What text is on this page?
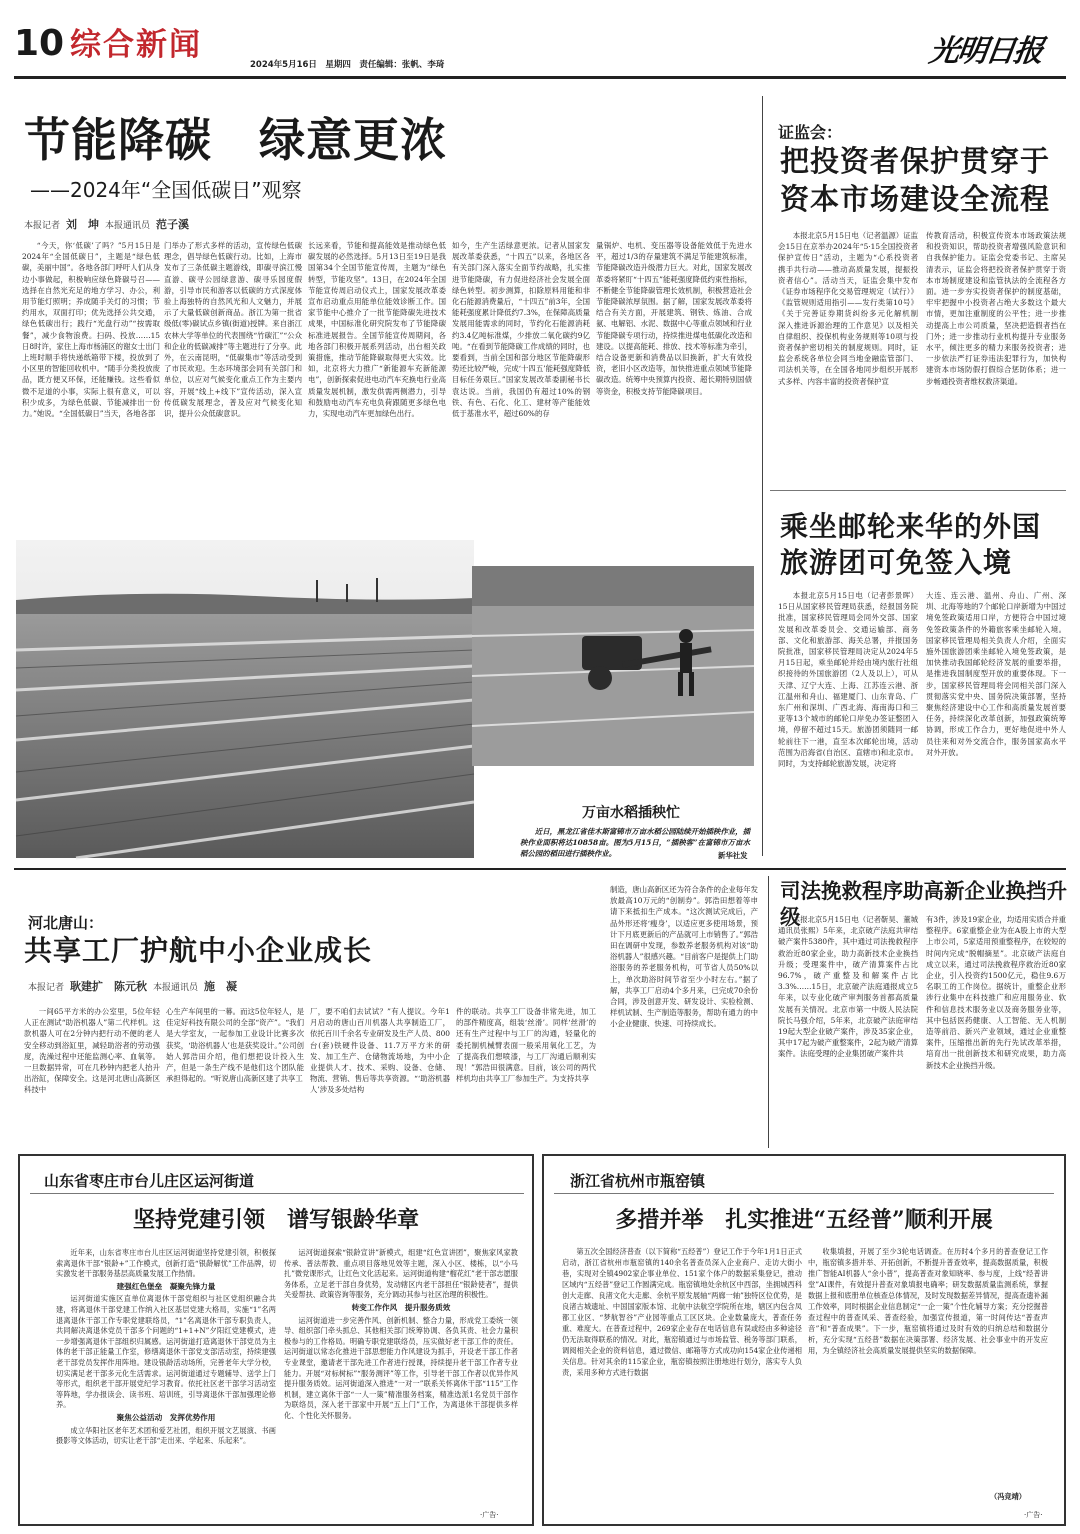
10 综合新闻
2024年5月16日　星期四　责任编辑：张帆、李琦	光明日报
节能降碳　绿意更浓
——2024年“全国低碳日”观察
本报记者 刘　坤 本报通讯员 范子溪
“今天，你‘低碳’了吗？”5月15日是2024年“全国低碳日”，主题是“绿色低碳，美丽中国”。各地各部门呼吁人们从身边小事做起，积极响应绿色降碳号召——选择在自然光充足的地方学习、办公，利用节能灯照明；养成随手关灯的习惯；节约用水，双面打印；优先选择公共交通，绿色低碳出行；践行“光盘行动”“按需取餐”，减少食物浪费。扫码、投放……15日8时许，家住上海市杨浦区的谢女士出门上班时顺手将快递纸箱带下楼，投放到了小区里的智能回收机中。“随手分类投放废品，既方便又环保，还能赚钱。这些看似微不足道的小事，实际上很有意义，可以积少成多，为绿色低碳、节能减排出一份力。”她说。“全国低碳日”当天，各地各部
门举办了形式多样的活动，宣传绿色低碳理念，倡导绿色低碳行动。比如，上海市发布了三条低碳主题游线，即碳寻滨江慢直游、碳寻公园绿意游、碳寻乐园度假游，引导市民和游客以低碳的方式深度体验上海独特的自然风光和人文魅力，并展示了大量低碳创新商品。浙江为第一批省级低(零)碳试点乡镇(街道)授牌。来自浙江农林大学等单位的代表围绕“竹碳汇”“公众和企业的低碳减排”等主题进行了分享。此外，在云南昆明，“低碳集市”等活动受到了市民欢迎。生态环境部会同有关部门和单位，以应对气候变化重点工作为主要内容，开展“线上+线下”宣传活动，深入宣传低碳发展理念，普及应对气候变化知识，提升公众低碳意识。
长远来看，节能和提高能效是推动绿色低碳发展的必然选择。5月13日至19日是我国第34个全国节能宣传周，主题为“绿色转型，节能攻坚”。13日，在2024年全国节能宣传周启动仪式上，国家发展改革委宣布启动重点用能单位能效诊断工作。国家节能中心推介了一批节能降碳先进技术成果，中国标准化研究院发布了节能降碳标准进展报告。全国节能宣传周期间，各地各部门积极开展系列活动，出台相关政策措施，推动节能降碳取得更大实效。比如，北京将大力推广“新能源车充新能源电”，创新探索促进电动汽车充换电行业高质量发展机制，激发供需两侧潜力，引导和鼓励电动汽车充电负荷跟随更多绿色电力，实现电动汽车更加绿色出行。
如今，生产生活绿意更浓。记者从国家发展改革委获悉，“十四五”以来，各地区各有关部门深入落实全面节约战略，扎实推进节能降碳，有力促进经济社会发展全面绿色转型。初步测算，扣除原料用能和非化石能源消费量后，“十四五”前3年，全国能耗强度累计降低约7.3%，在保障高质量发展用能需求的同时，节约化石能源消耗约3.4亿吨标准煤，少排放二氧化碳约9亿吨。“在看到节能降碳工作成绩的同时，也要看到，当前全国和部分地区节能降碳形势还比较严峻，完成‘十四五’能耗强度降低目标任务艰巨。”国家发展改革委副秘书长袁达说。当前，我国仍有超过10%的钢铁、有色、石化、化工、建材等产能能效低于基准水平，超过60%的存
量锅炉、电机、变压器等设备能效低于先进水平，超过1/3的存量建筑不满足节能建筑标准，节能降碳改造升级潜力巨大。对此，国家发展改革委将紧盯“十四五”能耗强度降低约束性指标，不断健全节能降碳管理长效机制，积极营造社会节能降碳浓厚氛围。据了解，国家发展改革委将结合有关方面，开展建筑、钢铁、炼油、合成氨、电解铝、水泥、数据中心等重点领域和行业节能降碳专项行动，持续推进煤电低碳化改造和建设。以提高能耗、排放、技术等标准为牵引，结合设备更新和消费品以旧换新，扩大有效投资，老旧小区改造等，加快推进重点领域节能降碳改造。统筹中央预算内投资、超长期特别国债等资金，积极支持节能降碳项目。
证监会：
把投资者保护贯穿于
资本市场建设全流程
本报北京5月15日电（记者温源）证监会15日在京举办2024年“5·15全国投资者保护宣传日”活动，主题为“心系投资者　携手共行动——推动高质量发展，提振投资者信心”。活动当天，证监会集中发布《证券市场程序化交易管理规定（试行）》《监管规则适用指引——发行类第10号》《关于完善证券期货纠纷多元化解机制　深入推进诉源治理的工作意见》以及相关自律组织、投保机构业务规则等10项与投资者保护密切相关的制度规则。同时，证监会系统各单位会同当地金融监管部门、司法机关等，在全国各地同步组织开展形式多样、内容丰富的投资者保护宣
传教育活动，积极宣传资本市场政策法规和投资知识，帮助投资者增强风险意识和自我保护能力。证监会党委书记、主席吴清表示，证监会将把投资者保护贯穿于资本市场制度建设和监管执法的全流程各方面。进一步夯实投资者保护的制度基础，牢牢把握中小投资者占绝大多数这个最大市情，更加注重制度的公平性；进一步推动提高上市公司质量，坚决把造假者挡在门外；进一步推动行业机构提升专业服务水平，倾注更多的精力来服务投资者；进一步依法严打证券违法犯罪行为，加快构建资本市场防假打假综合惩防体系；进一步畅通投资者维权救济渠道。
乘坐邮轮来华的外国
旅游团可免签入境
本报北京5月15日电（记者彭景晖）15日从国家移民管理局获悉，经报国务院批准，国家移民管理局会同外交部、国家发展和改革委员会、交通运输部、商务部、文化和旅游部、海关总署，并报国务院批准，国家移民管理局决定从2024年5月15日起，乘坐邮轮并经由境内旅行社组织接待的外国旅游团（2人及以上），可从天津、辽宁大连、上海、江苏连云港、浙江温州和舟山、福建厦门、山东青岛、广东广州和深圳、广西北海、海南海口和三亚等13个城市的邮轮口岸免办签证整团入境，停留不超过15天。旅游团须随同一邮轮前往下一港，直至本次邮轮出境，活动范围为沿海省(自治区、直辖市)和北京市。同时，为支持邮轮旅游发展，决定将
大连、连云港、温州、舟山、广州、深圳、北海等地的7个邮轮口岸新增为中国过境免签政策适用口岸，方便符合中国过境免签政策条件的外籍旅客乘坐邮轮入境。国家移民管理局相关负责人介绍，全面实施外国旅游团乘坐邮轮入境免签政策，是加快推动我国邮轮经济发展的重要举措，是推进我国制度型开放的重要体现。下一步，国家移民管理局将会同相关部门深入贯彻落实党中央、国务院决策部署，坚持聚焦经济建设中心工作和高质量发展首要任务，持续深化改革创新，加强政策统筹协调，形成工作合力，更好地促进中外人员往来和对外交流合作，服务国家高水平对外开放。
万亩水稻插秧忙
近日，黑龙江省佳木斯富锦市万亩水稻公园陆续开始插秧作业，插秧作业面积将达10858亩。图为5月15日，“插秧客”在富锦市万亩水稻公园的稻田进行插秧作业。	新华社发
司法挽救程序助高新企业换挡升级
本报北京5月15日电（记者靳昊、董城　通讯员张熙）5年来，北京破产法庭共审结破产案件5380件，其中通过司法挽救程序救治近80家企业，助力高新技术企业换挡升级；受理案件中，破产清算案件占比96.7%，破产重整及和解案件占比3.3%……15日，北京破产法庭通报成立5年来，以专业化破产审判服务首都高质量发展有关情况。北京市第一中级人民法院院长马强介绍，5年来，北京破产法庭审结19起大型企业破产案件，涉及35家企业，其中17起为破产重整案件，2起为破产清算案件。法庭受理的企业集团破产案件共
有3件，涉及19家企业，均适用实质合并重整程序。6家重整企业为在A股上市的大型上市公司，5家适用预重整程序，在较短的时间内完成“脱帽摘星”。北京破产法庭自成立以来，通过司法挽救程序救治近80家企业，引入投资约1500亿元，稳住9.6万名职工的工作岗位。据统计，重整企业形涉行业集中在科技推广和应用服务业、软件和信息技术服务业以及商务服务业等，其中包括医药健康、人工智能、无人机制造等前沿、新兴产业领域，通过企业重整案件，压缩推出新的先行先试改革举措，培育出一批创新技术和研究成果，助力高新技术企业换挡升级。
河北唐山：
共享工厂护航中小企业成长
本报记者 耿建扩　陈元秋 本报通讯员 施　凝
一间65平方米的办公室里，5位年轻人正在测试“助浴机器人”第二代样机。这款机器人可在2分钟内把行动不便的老人安全移动到浴缸里，减轻助浴者的劳动强度，洗澡过程中还能监测心率、血氧等。一旦数据异常，可在几秒钟内把老人抬升出浴缸，保障安全。这是河北唐山高新区科技中
心生产车间里的一幕。而这5位年轻人，是佳定好科技有限公司的全部“资产”。“我们是大学室友，一起参加工业设计比赛多次获奖，‘助浴机器人’也是获奖设计。”公司创始人郭浩田介绍，他们想把设计投入生产，但是一条生产线不是他们这个团队能承担得起的。“听说唐山高新区建了共享工
厂，要不咱们去试试？”有人提议。今年1月启动的唐山百川机器人共享制造工厂，依托百川千余名专业研发及生产人员、800台(套)铁硬件设备、11.7万平方米的研发、加工生产、仓储物流场地，为中小企业提供人才、技术、采购、设备、仓储、物流、营销、售后等共享资源。“‘助浴机器人’涉及多处结构
件的联动。共享工厂设备非常先进，加工的部件精度高，组装‘丝滑’。同样‘丝滑’的还有生产过程中与工厂的沟通，轻量化的委托制机械臂表面一般采用氧化工艺，为了提高我们想喷漆，与工厂沟通后顺利实现！”郭浩田很满意。目前，该公司的两代样机均由共享工厂参加生产。为支持共享
制造，唐山高新区还为符合条件的企业每年发放最高10万元的“创制券”。郭浩田想着等申请下来抵扣生产成本。“这次测试完成后，产品外形还将‘瘦身’，以适应更多使用场景，预计下月底更新后的产品就可上市销售了。”郭浩田在调研中发现，参数养老服务机构对该“助浴机器人”很感兴趣。“目前客户是提供上门助浴服务的养老服务机构，可节省人员50%以上，单次助浴时间节省至少小时左右。”据了解，共享工厂启动4个多月来，已完成70余份合同，涉及创意开发、研发设计、实验检测、样机试制、生产制造等服务，帮助有通力的中小企业健康、快速、可持续成长。
山东省枣庄市台儿庄区运河街道
坚持党建引领　谱写银龄华章
近年来，山东省枣庄市台儿庄区运河街道坚持党建引领，积极探索离退休干部“银龄+”工作模式，创新打造“银龄解忧”工作品牌，切实激发老干部服务基层高质量发展工作热情。
建强红色堡垒　凝聚先锋力量
运河街道实施区直单位离退休干部党组织与社区党组织融合共建，将离退休干部党建工作纳入社区基层党建大格局，实施“1”名两退离退休干部工作专职党建联络员，“1”名离退休干部专职负责人，共同解决离退休党员干部多个问题的“1+1+N”夕阳红党建模式，进一步增强离退休干部组织归属感。运河街道打造离退休干部党员为主体的老干部正能量工作室，修缮离退休干部党支部活动室，持续建强老干部党员发挥作用阵地。建设银龄活动场所，完善老年大学分校，切实满足老干部多元化生活需求。运河街道通过专题辅导、送学上门等形式，组织老干部开展党纪学习教育。依托社区老干部学习活动室等阵地，学办报读会、读书班、培训班，引导离退休干部加强理论修养。
聚焦公益活动　发挥优势作用
成立华阳社区老年艺术团和爱艺社团，组织开展文艺展演、书画摄影等文体活动，切实让老干部“走出来、学起来、乐起来”。
运河街道探索“银龄宣讲”新模式，组建“红色宣讲团”，聚焦家风家教传承、普法帮教、重点项目落地见效等主题，深入小区、楼栋，以“小马扎”微党课形式，让红色文化活起来。运河街道构建“榴花红”老干部志愿服务体系，立足老干部自身优势，发动辖区内老干部担任“银龄使者”，提供关爱帮扶、政策咨询等服务，充分调动其参与社区治理的积极性。
转变工作作风　提升服务质效
运河街道进一步完善作风、创新机制、整合力量，形成党工委统一领导、组织部门牵头抓总、其他相关部门统筹协调、各负其责、社会力量积极参与的工作格局。明确专职党建联络员，压实做好老干部工作的责任。运河街道以常态化推进干部思想能力作风建设为抓手，开设老干部工作者专业课堂，邀请老干部先进工作者进行授课，持续提升老干部工作者专业能力。开展“对标树标”“服务测评”等工作，引导老干部工作者以优异作风提升服务质效。运河街道深入推进“一对一”联系关怀离休干部“115”工作机制，建立离休干部“一人一策”精准服务档案，精准选派1名党员干部作为联络员，深入老干部家中开展“五上门”工作，为离退休干部提供多样化、个性化关怀服务。
·广告·
浙江省杭州市瓶窑镇
多措并举　扎实推进“五经普”顺利开展
第五次全国经济普查（以下简称“五经普”）登记工作于今年1月1日正式启动，浙江省杭州市瓶窑镇的140余名普查员深入企业商户、走访大街小巷，实现对全镇4902家企事业单位、151家个体户的数据采集登记，推动区域内“五经普”登记工作圆满完成。瓶窑镇地处余杭区中西部，坐拥城西科创大走廊、良渚文化大走廊、余杭平原发展轴“两廊一轴”独特区位优势，是良渚古城遗址、中国国家版本馆、北航中法航空学院所在地，辖区内包含凤都工业区、“梦航智谷”产业园等重点工区区块。企业数量庞大，普查任务重、难度大。在普查过程中，269家企业存在电话信息有误或经由多种途径仍无法取得联系的情况。对此，瓶窑镇通过与市场监管、税务等部门联系，调阅相关企业的资料信息，通过微信、邮箱等方式成功向154家企业传递相关信息。针对其余的115家企业，瓶窑镇按照注册地进行划分，落实专人负责，采用多种方式进行数据
收集填报，开展了至少3轮电话调查。在历时4个多月的普查登记工作中，瓶窑镇多措并举、开拓创新，不断提升普查效率，提高数据质量，积极推广智能AI机器人“余小普”，提高普查对象知晓率、参与度，上线“经普讲堂”AI课件，有效提升普查对象填报电确率；研发数据质量监测系统，掌握数据上报和底册单位核查总体情况，及时发现数据差异情况，提高查遗补漏工作效率，同时根据企业信息制定“一企一策”个性化辅导方案；充分挖掘普查过程中的普查风采、普查经验，加强宣传报道，第一时间传达“普查声音”和“普查成果”。下一步，瓶窑镇将通过及时有效的归纳总结和数据分析，充分实现“五经普”数据在决策部署、经济发展、社会事业中的开发应用，为全镇经济社会高质量发展提供坚实的数据保障。
（冯竞靖）
·广告·
